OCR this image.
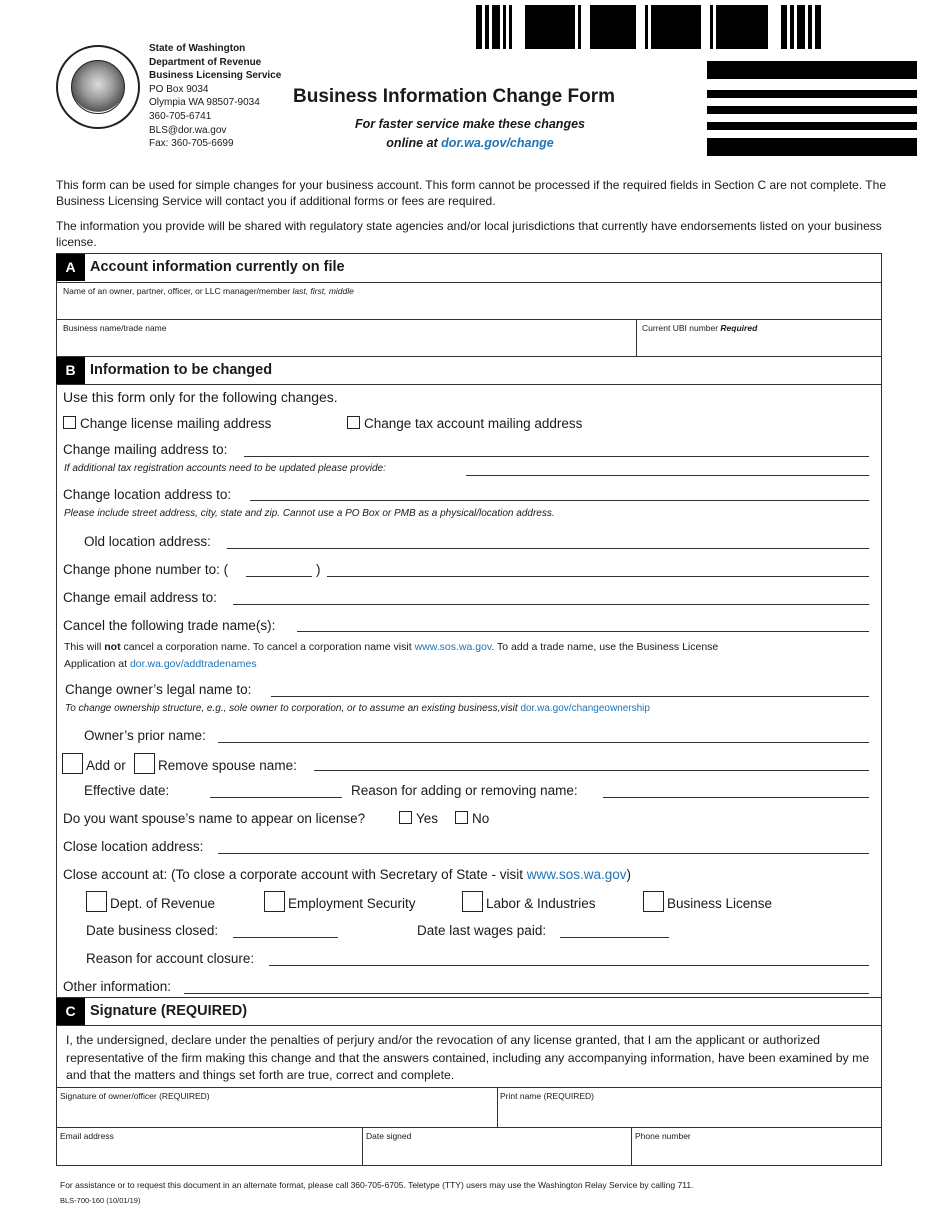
State of Washington
Department of Revenue
Business Licensing Service
PO Box 9034
Olympia WA 98507-9034
360-705-6741
BLS@dor.wa.gov
Fax: 360-705-6699
Business Information Change Form
For faster service make these changes
online at dor.wa.gov/change
This form can be used for simple changes for your business account. This form cannot be processed if the required fields in Section C are not complete. The Business Licensing Service will contact you if additional forms or fees are required.
The information you provide will be shared with regulatory state agencies and/or local jurisdictions that currently have endorsements listed on your business license.
A Account information currently on file
Name of an owner, partner, officer, or LLC manager/member last, first, middle
Business name/trade name	Current UBI number Required
B Information to be changed
Use this form only for the following changes.
Change license mailing address	Change tax account mailing address
Change mailing address to:
If additional tax registration accounts need to be updated please provide:
Change location address to:
Please include street address, city, state and zip. Cannot use a PO Box or PMB as a physical/location address.
Old location address:
Change phone number to: (	)
Change email address to:
Cancel the following trade name(s):
This will not cancel a corporation name. To cancel a corporation name visit www.sos.wa.gov. To add a trade name, use the Business License
Application at dor.wa.gov/addtradenames
Change owner’s legal name to:
To change ownership structure, e.g., sole owner to corporation, or to assume an existing business,visit dor.wa.gov/changeownership
Owner’s prior name:
Add or	Remove spouse name:
Effective date:	Reason for adding or removing name:
Do you want spouse’s name to appear on license?	Yes	No
Close location address:
Close account at: (To close a corporate account with Secretary of State - visit www.sos.wa.gov)
Dept. of Revenue	Employment Security	Labor & Industries	Business License
Date business closed:	Date last wages paid:
Reason for account closure:
Other information:
C Signature (REQUIRED)
I, the undersigned, declare under the penalties of perjury and/or the revocation of any license granted, that I am the applicant or authorized representative of the firm making this change and that the answers contained, including any accompanying information, have been examined by me and that the matters and things set forth are true, correct and complete.
Signature of owner/officer (REQUIRED)	Print name (REQUIRED)
Email address	Date signed	Phone number
For assistance or to request this document in an alternate format, please call 360-705-6705. Teletype (TTY) users may use the Washington Relay Service by calling 711.
BLS-700-160 (10/01/19)
